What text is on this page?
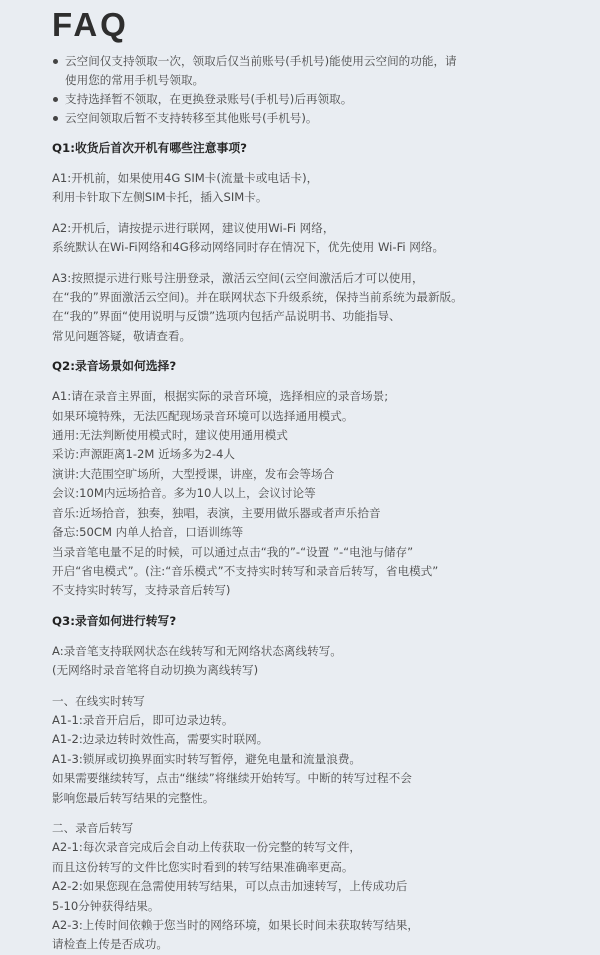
FAQ
云空间仅支持领取一次，领取后仅当前账号(手机号)能使用云空间的功能，请
使用您的常用手机号领取。
支持选择暂不领取，在更换登录账号(手机号)后再领取。
云空间领取后暂不支持转移至其他账号(手机号)。
Q1:收货后首次开机有哪些注意事项?
A1:开机前，如果使用4G SIM卡(流量卡或电话卡)，
利用卡针取下左侧SIM卡托，插入SIM卡。
A2:开机后，请按提示进行联网，建议使用Wi-Fi 网络，
系统默认在Wi-Fi网络和4G移动网络同时存在情况下，优先使用 Wi-Fi 网络。
A3:按照提示进行账号注册登录，激活云空间(云空间激活后才可以使用，
在“我的”界面激活云空间)。并在联网状态下升级系统，保持当前系统为最新版。
在“我的”界面“使用说明与反馈”选项内包括产品说明书、功能指导、
常见问题答疑，敬请查看。
Q2:录音场景如何选择?
A1:请在录音主界面，根据实际的录音环境，选择相应的录音场景;
如果环境特殊，无法匹配现场录音环境可以选择通用模式。
通用:无法判断使用模式时，建议使用通用模式
采访:声源距离1-2M 近场多为2-4人
演讲:大范围空旷场所，大型授课，讲座，发布会等场合
会议:10M内远场拾音。多为10人以上，会议讨论等
音乐:近场拾音，独奏，独唱，表演，主要用做乐器或者声乐拾音
备忘:50CM 内单人拾音，口语训练等
当录音笔电量不足的时候，可以通过点击“我的”-“设置 ”-“电池与储存”
开启“省电模式”。(注:“音乐模式”不支持实时转写和录音后转写，省电模式”
不支持实时转写，支持录音后转写)
Q3:录音如何进行转写?
A:录音笔支持联网状态在线转写和无网络状态离线转写。
(无网络时录音笔将自动切换为离线转写)
一、在线实时转写
A1-1:录音开启后，即可边录边转。
A1-2:边录边转时效性高，需要实时联网。
A1-3:锁屏或切换界面实时转写暂停，避免电量和流量浪费。
如果需要继续转写，点击“继续”将继续开始转写。中断的转写过程不会
影响您最后转写结果的完整性。
二、录音后转写
A2-1:每次录音完成后会自动上传获取一份完整的转写文件，
而且这份转写的文件比您实时看到的转写结果准确率更高。
A2-2:如果您现在急需使用转写结果，可以点击加速转写，上传成功后
5-10分钟获得结果。
A2-3:上传时间依赖于您当时的网络环境，如果长时间未获取转写结果，
请检查上传是否成功。
